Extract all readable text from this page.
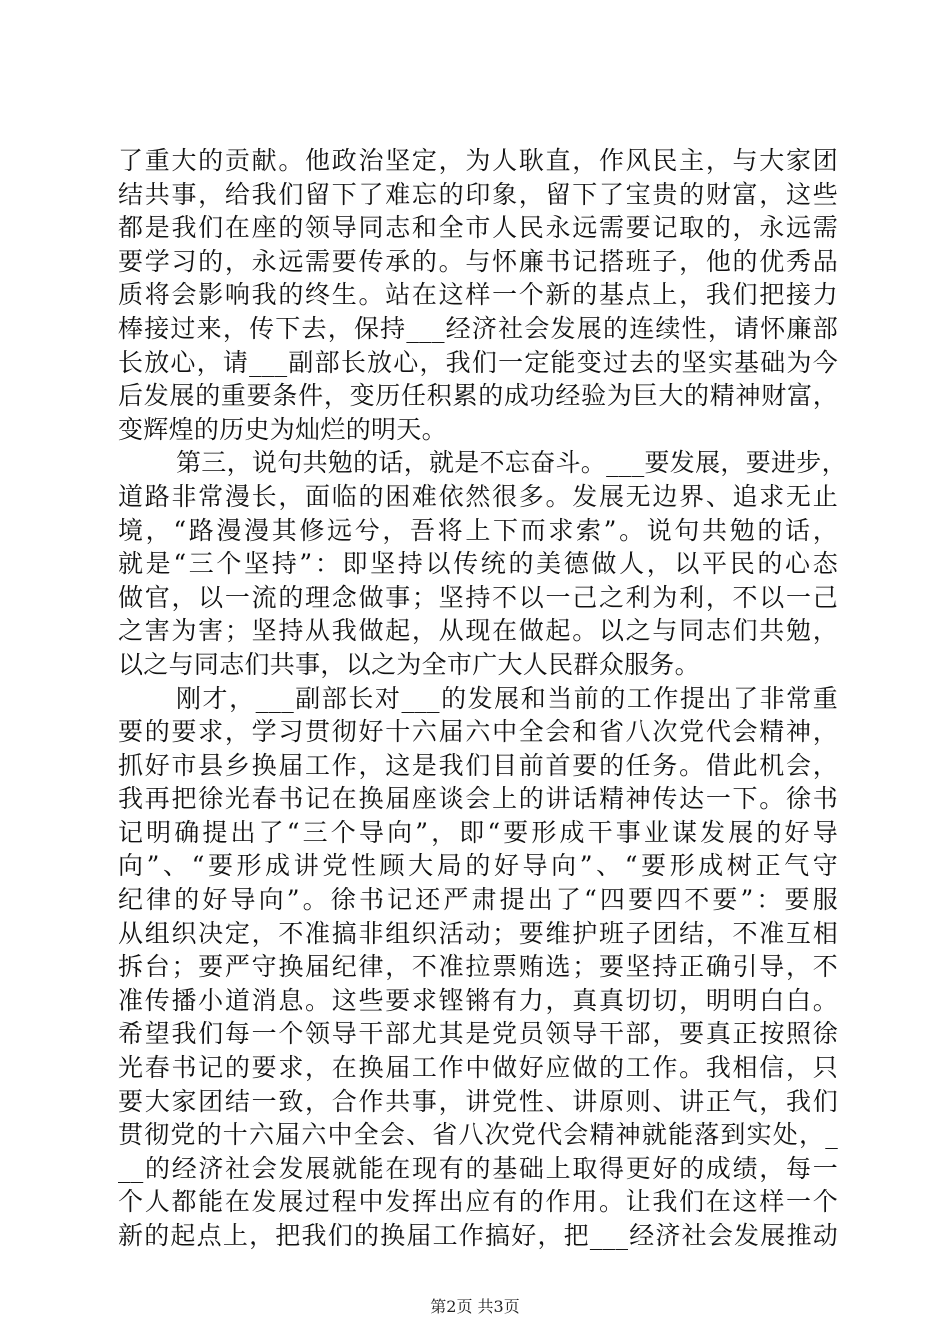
了重大的贡献。他政治坚定，为人耿直，作风民主，与大家团
结共事，给我们留下了难忘的印象，留下了宝贵的财富，这些
都是我们在座的领导同志和全市人民永远需要记取的，永远需
要学习的，永远需要传承的。与怀廉书记搭班子，他的优秀品
质将会影响我的终生。站在这样一个新的基点上，我们把接力
棒接过来，传下去，保持___经济社会发展的连续性，请怀廉部
长放心，请___副部长放心，我们一定能变过去的坚实基础为今
后发展的重要条件，变历任积累的成功经验为巨大的精神财富，
变辉煌的历史为灿烂的明天。
第三，说句共勉的话，就是不忘奋斗。___要发展，要进步，
道路非常漫长，面临的困难依然很多。发展无边界、追求无止
境，“路漫漫其修远兮，吾将上下而求索”。说句共勉的话，
就是“三个坚持”：即坚持以传统的美德做人，以平民的心态
做官，以一流的理念做事；坚持不以一己之利为利，不以一己
之害为害；坚持从我做起，从现在做起。以之与同志们共勉，
以之与同志们共事，以之为全市广大人民群众服务。
刚才，___副部长对___的发展和当前的工作提出了非常重
要的要求，学习贯彻好十六届六中全会和省八次党代会精神，
抓好市县乡换届工作，这是我们目前首要的任务。借此机会，
我再把徐光春书记在换届座谈会上的讲话精神传达一下。徐书
记明确提出了“三个导向”，即“要形成干事业谋发展的好导
向”、“要形成讲党性顾大局的好导向”、“要形成树正气守
纪律的好导向”。徐书记还严肃提出了“四要四不要”：要服
从组织决定，不准搞非组织活动；要维护班子团结，不准互相
拆台；要严守换届纪律，不准拉票贿选；要坚持正确引导，不
准传播小道消息。这些要求铿锵有力，真真切切，明明白白。
希望我们每一个领导干部尤其是党员领导干部，要真正按照徐
光春书记的要求，在换届工作中做好应做的工作。我相信，只
要大家团结一致，合作共事，讲党性、讲原则、讲正气，我们
贯彻党的十六届六中全会、省八次党代会精神就能落到实处，_
__的经济社会发展就能在现有的基础上取得更好的成绩，每一
个人都能在发展过程中发挥出应有的作用。让我们在这样一个
新的起点上，把我们的换届工作搞好，把___经济社会发展推动
第2页 共3页
